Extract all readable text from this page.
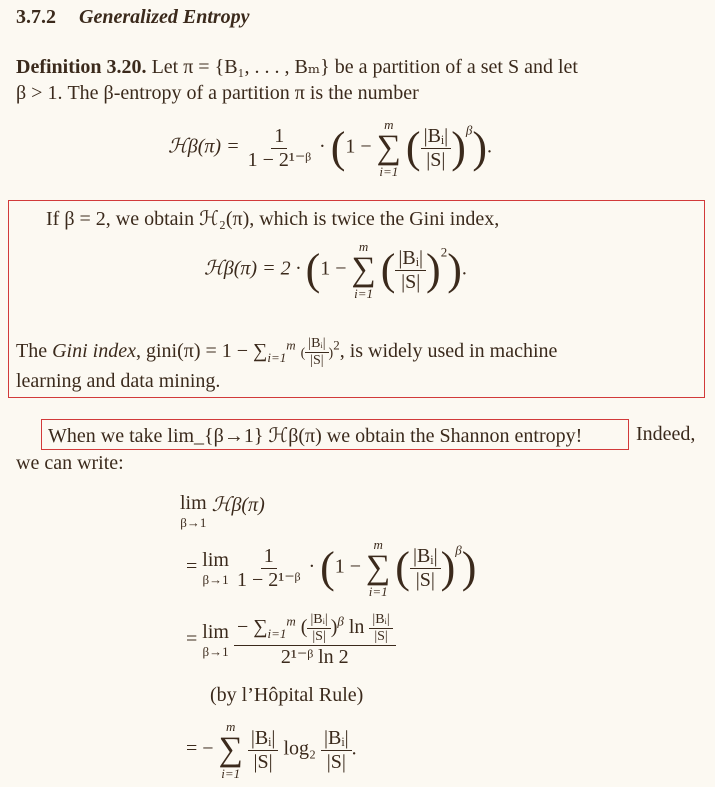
3.7.2 Generalized Entropy
Definition 3.20. Let π = {B₁, . . . , Bₘ} be a partition of a set S and let
β > 1. The β-entropy of a partition π is the number
ℋβ(π) = $\frac{1}{\text{1 − 2¹⁻ᵝ}} \cdot (1$ −
m
∑
i=1 ( $\frac{\text{|Bᵢ|}}{|S|} )^\beta$).
If β = 2, we obtain ℋ₂(π), which is twice the Gini index,
ℋβ(π) = 2 · (1 −
m
∑
i=1 ( $\frac{\text{|Bᵢ|}}{|S|} )^2$).
The Gini index, gini(π) = $1 - \sum_{i=1}^m$ ( $\frac{\text{|Bᵢ|}}{|S|} )^2$, is widely used in machine
learning and data mining.
When we take lim_{β→1} ℋβ(π) we obtain the Shannon entropy!	Indeed,
we can write:
lim
β→1
ℋβ(π)
= lim
β→1
$\frac{1}{\text{1 − 2¹⁻ᵝ}} \cdot (1$ −
m
∑
i=1 ( $\frac{\text{|Bᵢ|}}{|S|} )^\beta$)
= lim
β→1
$\frac{- \sum_{i=1}^m ( \frac{\text{|Bᵢ|}}{|S|} )^\beta \ln \frac{\text{|Bᵢ|}}{|S|}}{\text{2¹⁻ᵝ ln 2}}$
(by l’Hôpital Rule)
= −
m
∑
i=1
$\frac{\text{|Bᵢ|}}{|S|} \log_2 \frac{\text{|Bᵢ|}}{|S|}$ .
